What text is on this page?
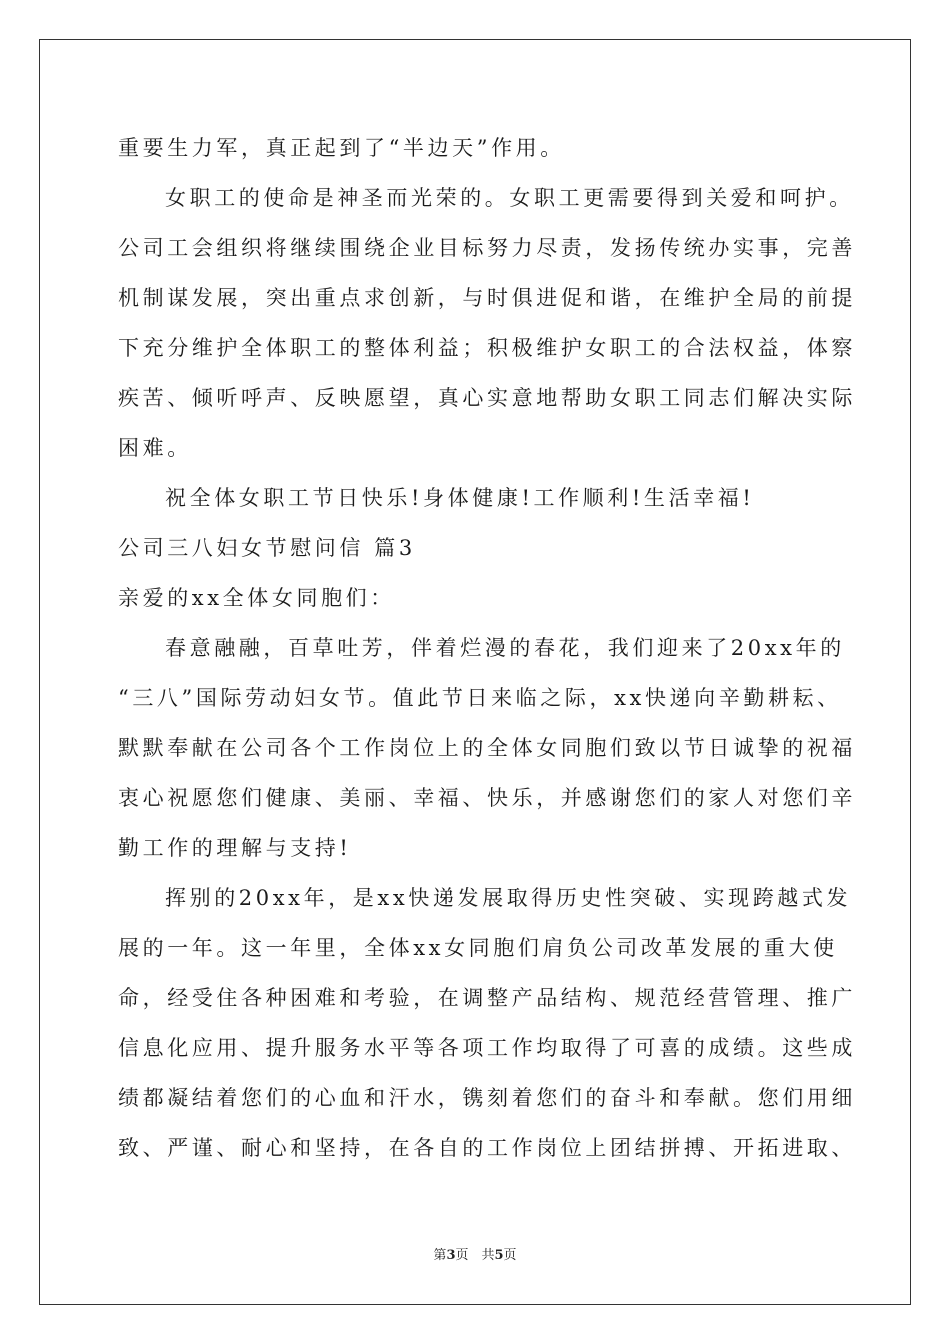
重要生力军，真正起到了“半边天”作用。
女职工的使命是神圣而光荣的。女职工更需要得到关爱和呵护。
公司工会组织将继续围绕企业目标努力尽责，发扬传统办实事，完善
机制谋发展，突出重点求创新，与时俱进促和谐，在维护全局的前提
下充分维护全体职工的整体利益；积极维护女职工的合法权益，体察
疾苦、倾听呼声、反映愿望，真心实意地帮助女职工同志们解决实际
困难。
祝全体女职工节日快乐!身体健康!工作顺利!生活幸福!
公司三八妇女节慰问信 篇3
亲爱的xx全体女同胞们：
春意融融，百草吐芳，伴着烂漫的春花，我们迎来了20xx年的
“三八”国际劳动妇女节。值此节日来临之际，xx快递向辛勤耕耘、
默默奉献在公司各个工作岗位上的全体女同胞们致以节日诚挚的祝福
衷心祝愿您们健康、美丽、幸福、快乐，并感谢您们的家人对您们辛
勤工作的理解与支持!
挥别的20xx年，是xx快递发展取得历史性突破、实现跨越式发
展的一年。这一年里，全体xx女同胞们肩负公司改革发展的重大使
命，经受住各种困难和考验，在调整产品结构、规范经营管理、推广
信息化应用、提升服务水平等各项工作均取得了可喜的成绩。这些成
绩都凝结着您们的心血和汗水，镌刻着您们的奋斗和奉献。您们用细
致、严谨、耐心和坚持，在各自的工作岗位上团结拼搏、开拓进取、
第3页　共5页
